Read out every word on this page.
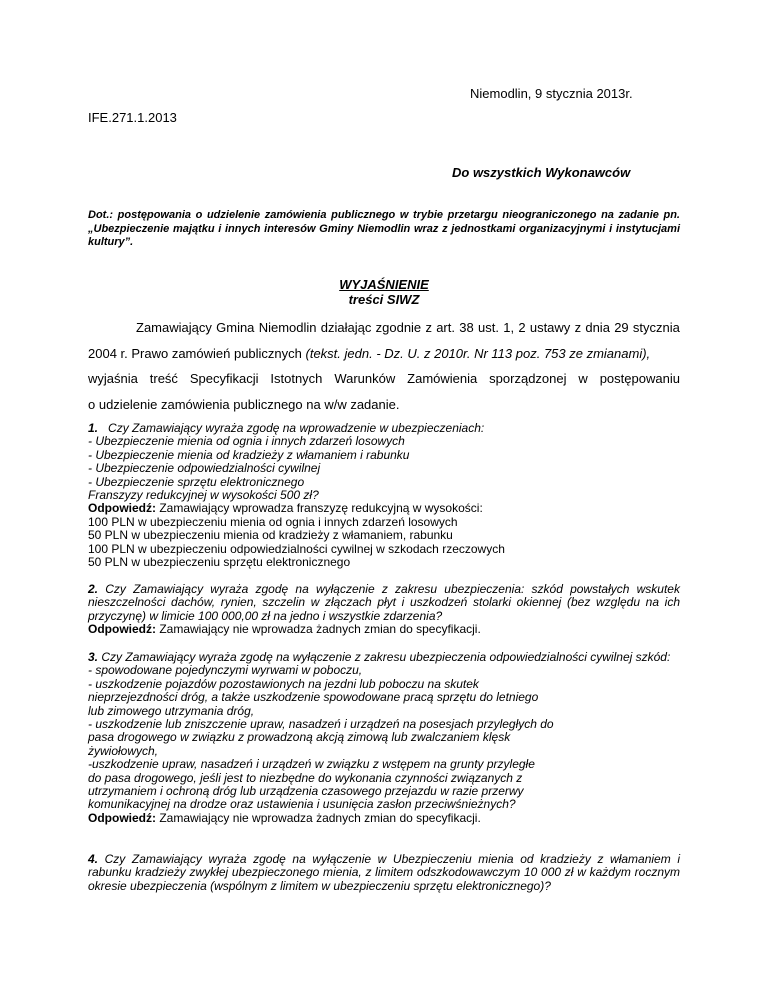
Niemodlin, 9 stycznia 2013r.
IFE.271.1.2013
Do wszystkich Wykonawców
Dot.: postępowania o udzielenie zamówienia publicznego w trybie przetargu nieograniczonego na zadanie pn. „Ubezpieczenie majątku i innych interesów Gminy Niemodlin wraz z jednostkami organizacyjnymi i instytucjami kultury”.
WYJAŚNIENIE
treści SIWZ
Zamawiający Gmina Niemodlin działając zgodnie z art. 38 ust. 1, 2 ustawy z dnia 29 stycznia
2004 r. Prawo zamówień publicznych (tekst. jedn. - Dz. U. z 2010r. Nr 113 poz. 753 ze zmianami),
wyjaśnia treść Specyfikacji Istotnych Warunków Zamówienia sporządzonej w postępowaniu
o udzielenie zamówienia publicznego na w/w zadanie.

1. Czy Zamawiający wyraża zgodę na wprowadzenie w ubezpieczeniach:

- Ubezpieczenie mienia od ognia i innych zdarzeń losowych

- Ubezpieczenie mienia od kradzieży z włamaniem i rabunku

- Ubezpieczenie odpowiedzialności cywilnej

- Ubezpieczenie sprzętu elektronicznego

Franszyzy redukcyjnej w wysokości 500 zł?

Odpowiedź: Zamawiający wprowadza franszyzę redukcyjną w wysokości:

100 PLN w ubezpieczeniu mienia od ognia i innych zdarzeń losowych

50 PLN w ubezpieczeniu mienia od kradzieży z włamaniem, rabunku

100 PLN w ubezpieczeniu odpowiedzialności cywilnej w szkodach rzeczowych

50 PLN w ubezpieczeniu sprzętu elektronicznego

2. Czy Zamawiający wyraża zgodę na wyłączenie z zakresu ubezpieczenia: szkód powstałych wskutek nieszczelności dachów, rynien, szczelin w złączach płyt i uszkodzeń stolarki okiennej (bez względu na ich przyczynę) w limicie 100 000,00 zł na jedno i wszystkie zdarzenia?

Odpowiedź: Zamawiający nie wprowadza żadnych zmian do specyfikacji.

3. Czy Zamawiający wyraża zgodę na wyłączenie z zakresu ubezpieczenia odpowiedzialności cywilnej szkód:

- spowodowane pojedynczymi wyrwami w poboczu,

- uszkodzenie pojazdów pozostawionych na jezdni lub poboczu na skutek

nieprzejezdności dróg, a także uszkodzenie spowodowane pracą sprzętu do letniego

lub zimowego utrzymania dróg,

- uszkodzenie lub zniszczenie upraw, nasadzeń i urządzeń na posesjach przyległych do

pasa drogowego w związku z prowadzoną akcją zimową lub zwalczaniem klęsk

żywiołowych,

-uszkodzenie upraw, nasadzeń i urządzeń w związku z wstępem na grunty przyległe

do pasa drogowego, jeśli jest to niezbędne do wykonania czynności związanych z

utrzymaniem i ochroną dróg lub urządzenia czasowego przejazdu w razie przerwy

komunikacyjnej na drodze oraz ustawienia i usunięcia zasłon przeciwśnieżnych?

Odpowiedź: Zamawiający nie wprowadza żadnych zmian do specyfikacji.

4. Czy Zamawiający wyraża zgodę na wyłączenie w Ubezpieczeniu mienia od kradzieży z włamaniem i rabunku kradzieży zwykłej ubezpieczonego mienia, z limitem odszkodowawczym 10 000 zł w każdym rocznym okresie ubezpieczenia (wspólnym z limitem w ubezpieczeniu sprzętu elektronicznego)?
